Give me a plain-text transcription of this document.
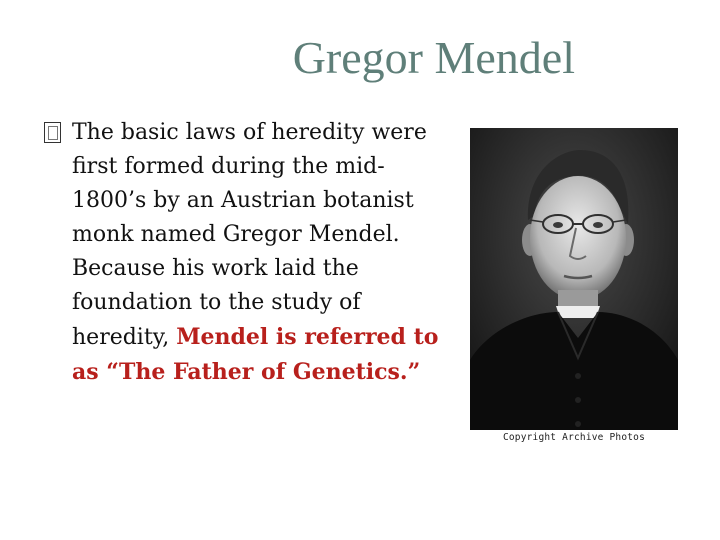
Gregor Mendel
The basic laws of heredity were first formed during the mid-1800’s by an Austrian botanist monk named Gregor Mendel. Because his work laid the foundation to the study of heredity, Mendel is referred to as “The Father of Genetics.”
Copyright Archive Photos
